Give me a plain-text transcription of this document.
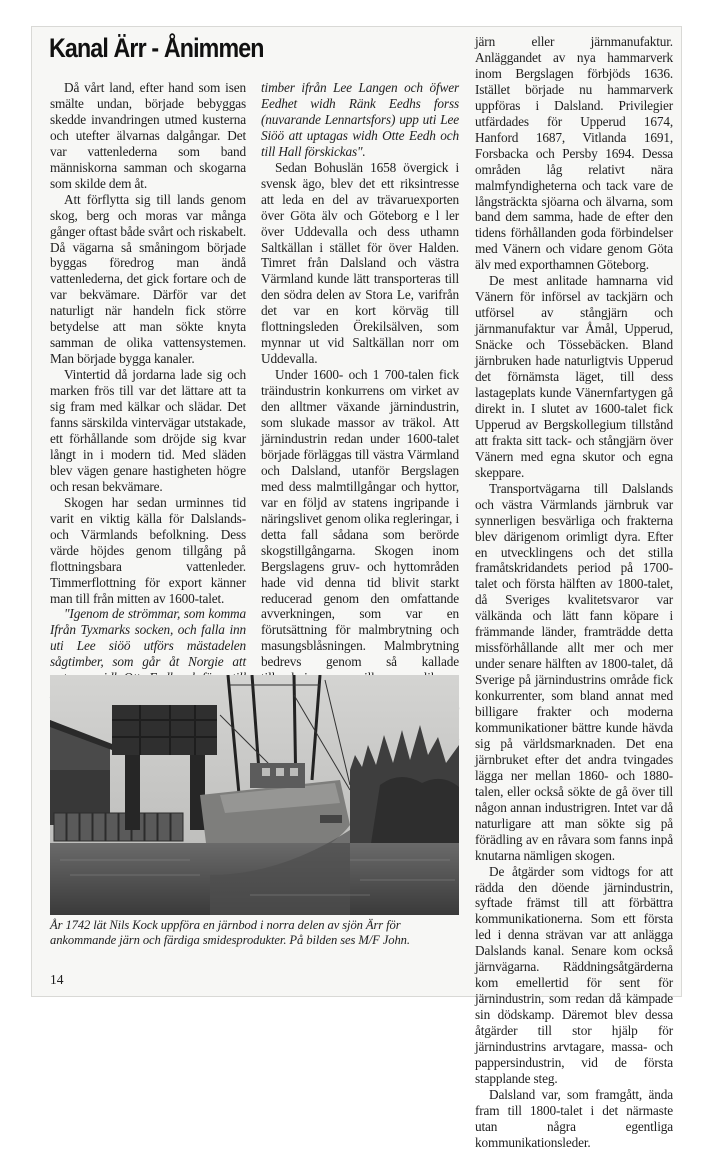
Kanal Ärr - Ånimmen

Då vårt land, efter hand som isen smälte undan, började bebyggas skedde invandringen utmed kusterna och utefter älvarnas dalgångar. Det var vattenlederna som band människorna samman och skogarna som skilde dem åt.

Att förflytta sig till lands genom skog, berg och moras var många gånger oftast både svårt och riskabelt. Då vägarna så småningom började byggas föredrog man ändå vattenlederna, det gick fortare och de var bekvämare. Därför var det naturligt när handeln fick större betydelse att man sökte knyta samman de olika vattensystemen. Man började bygga kanaler.

Vintertid då jordarna lade sig och marken frös till var det lättare att ta sig fram med kälkar och slädar. Det fanns särskilda vintervägar utstakade, ett förhållande som dröjde sig kvar långt in i modern tid. Med släden blev vägen genare hastigheten högre och resan bekvämare.

Skogen har sedan urminnes tid varit en viktig källa för Dalslands- och Värmlands befolkning. Dess värde höjdes genom tillgång på flottningsbara vattenleder. Timmerflottning för export känner man till från mitten av 1600-talet.

"Igenom de strömmar, som komma Ifrån Tyxmarks socken, och falla inn uti Lee siöö utförs mästadelen sågtimber, som går åt Norgie att

timber ifrån Lee Langen och öfwer Eedhet widh Ränk Eedhs forss (nuvarande Lennartsfors) upp uti Lee Siöö att uptagas widh Otte Eedh och till Hall förskickas".

Sedan Bohuslän 1658 övergick i svensk ägo, blev det ett riksintresse att leda en del av trävaruexporten över Göta älv och Göteborg e l ler över Uddevalla och dess uthamn Saltkällan i stället för över Halden. Timret från Dalsland och västra Värmland kunde lätt transporteras till den södra delen av Stora Le, varifrån det var en kort körväg till flottningsleden Örekilsälven, som mynnar ut vid Saltkällan norr om Uddevalla.

Under 1600- och 1 700-talen fick träindustrin konkurrens om virket av den alltmer växande järnindustrin, som slukade massor av träkol. Att järnindustrin redan under 1600-talet började förläggas till västra Värmland och Dalsland, utanför Bergslagen med dess malmtillgångar och hyttor, var en följd av statens ingripande i näringslivet genom olika regleringar, i detta fall sådana som berörde skogstillgångarna. Skogen inom Bergslagens gruv- och hyttområden hade vid denna tid blivit starkt reducerad genom den omfattande avverkningen, som var en förutsättning för malmbrytning och masungsblåsningen. Malmbrytning bedrevs genom så kallade

järn eller järnmanufaktur. Anläggandet av nya hammarverk inom Bergslagen förbjöds 1636. Istället började nu hammarverk uppföras i Dalsland. Privilegier utfärdades för Upperud 1674, Hanford 1687, Vitlanda 1691, Forsbacka och Persby 1694. Dessa områden låg relativt nära malmfyndigheterna och tack vare de långsträckta sjöarna och älvarna, som band dem samma, hade de efter den tidens förhållanden goda förbindelser med Vänern och vidare genom Göta älv med exporthamnen Göteborg.

De mest anlitade hamnarna vid Vänern för införsel av tackjärn och utförsel av stångjärn och järnmanufaktur var Åmål, Upperud, Snäcke och Tössebäcken. Bland järnbruken hade naturligtvis Upperud det förnämsta läget, till dess lastageplats kunde Vänernfartygen gå direkt in. I slutet av 1600-talet fick Upperud av Bergskollegium tillstånd att frakta sitt tack- och stångjärn över Vänern med egna skutor och egna skeppare.

Transportvägarna till Dalslands och västra Värmlands järnbruk var synnerligen besvärliga och frakterna blev därigenom orimligt dyra. Efter en utvecklingens och det stilla framåtskridandets period på 1700-talet och första hälften av 1800-talet, då Sveriges kvalitetsvaror var välkända och lätt fann köpare i främmande länder, framträdde detta missförhållande allt mer och mer under senare hälften av 1800-talet, då Sverige på järnindustrins område fick konkurrenter, som bland annat med billigare frakter och moderna kommunikationer bättre kunde hävda sig på världsmarknaden. Det ena järnbruket efter det andra tvingades lägga ner mellan 1860- och 1880-talen, eller också sökte de gå över till någon annan industrigren. Intet var då naturligare att man sökte sig på förädling av en råvara som fanns inpå knutarna nämligen skogen.

De åtgärder som vidtogs for att rädda den döende järnindustrin, syftade främst till att förbättra kommunikationerna. Som ett första led i denna strävan var att anlägga Dalslands kanal. Senare kom också järnvägarna. Räddningsåtgärderna kom emellertid för sent för järnindustrin, som redan då kämpade sin dödskamp. Däremot blev dessa åtgärder till stor hjälp för järnindustrins arvtagare, massa- och pappersindustrin, vid de första stapplande steg.

Dalsland var, som framgått, ända fram till 1800-talet i det närmaste utan några egentliga kommunikationsleder.

År 1742 lät Nils Kock uppföra en järnbod i norra delen av sjön Ärr för ankommande järn och färdiga smidesprodukter. På bilden ses M/F John.

14
